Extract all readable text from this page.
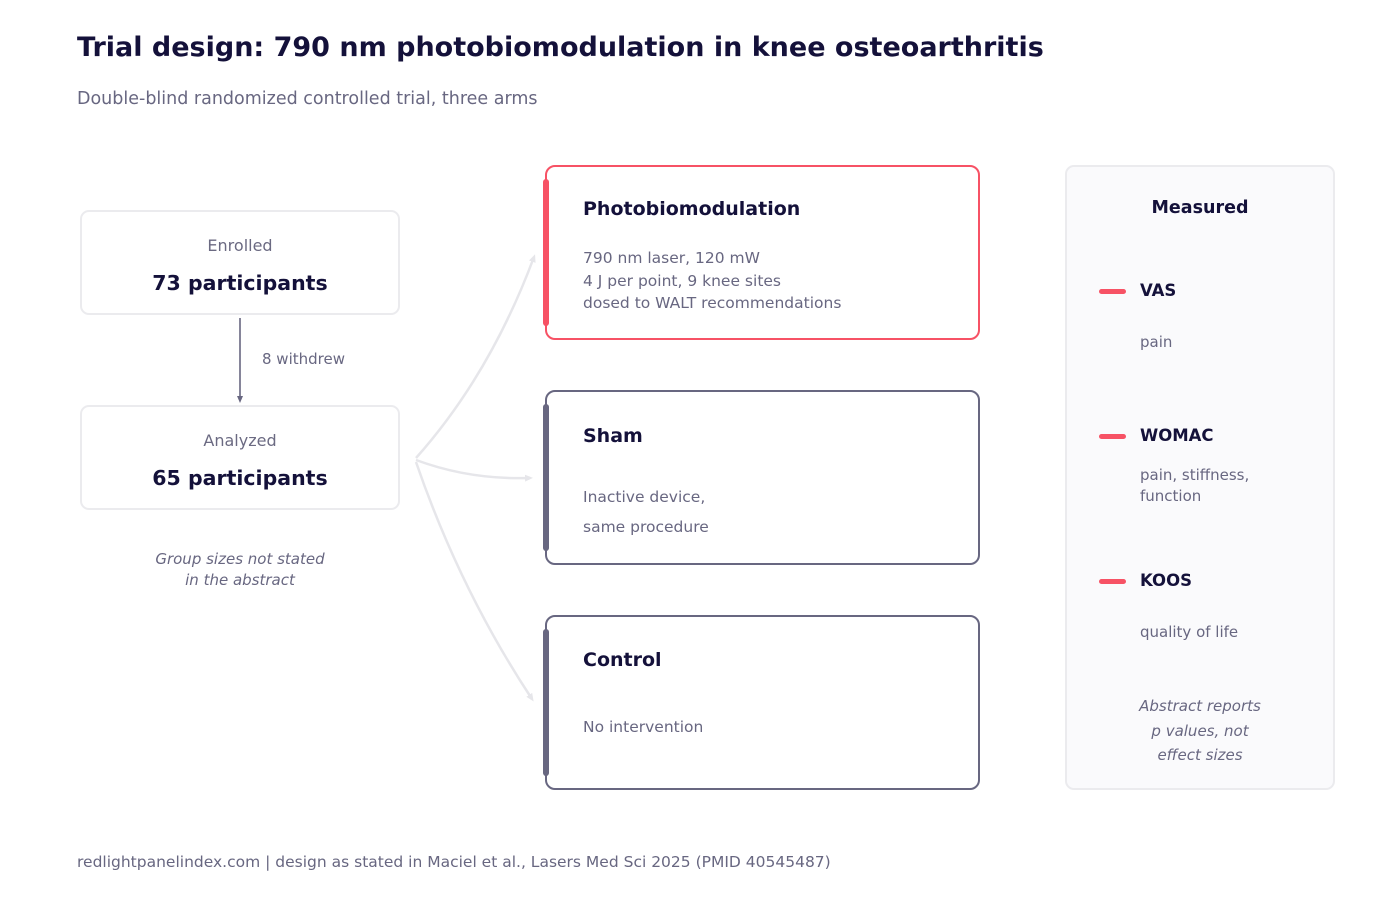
Trial design: 790 nm photobiomodulation in knee osteoarthritis
Double-blind randomized controlled trial, three arms
Enrolled
73 participants
8 withdrew
Analyzed
65 participants
Group sizes not stated
in the abstract
Photobiomodulation
790 nm laser, 120 mW
4 J per point, 9 knee sites
dosed to WALT recommendations
Sham
Inactive device,
same procedure
Control
No intervention
Measured
VAS
pain
WOMAC
pain, stiffness,
function
KOOS
quality of life
Abstract reports
p values, not
effect sizes
redlightpanelindex.com | design as stated in Maciel et al., Lasers Med Sci 2025 (PMID 40545487)
